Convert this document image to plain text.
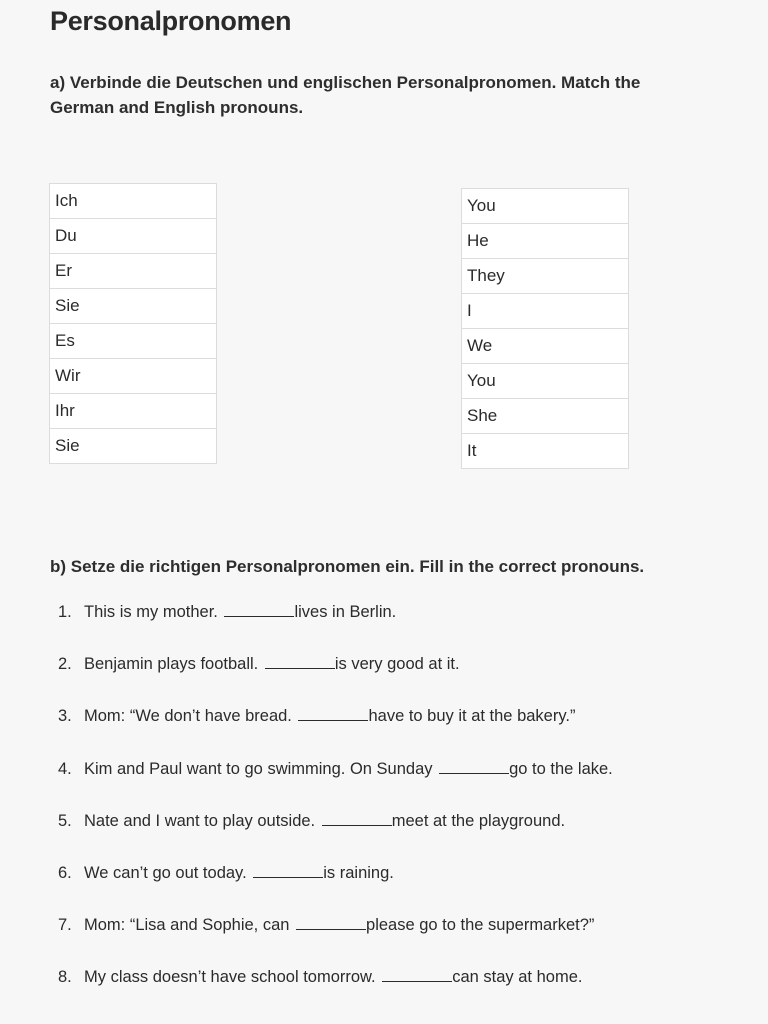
Personalpronomen
a) Verbinde die Deutschen und englischen Personalpronomen. Match the German and English pronouns.
Ich
Du
Er
Sie
Es
Wir
Ihr
Sie
You
He
They
I
We
You
She
It
b) Setze die richtigen Personalpronomen ein. Fill in the correct pronouns.
1. This is my mother.	lives in Berlin.
2. Benjamin plays football.	is very good at it.
3. Mom: “We don’t have bread.	have to buy it at the bakery.”
4. Kim and Paul want to go swimming. On Sunday	go to the lake.
5. Nate and I want to play outside.	meet at the playground.
6. We can’t go out today.	is raining.
7. Mom: “Lisa and Sophie, can	please go to the supermarket?”
8. My class doesn’t have school tomorrow.	can stay at home.
